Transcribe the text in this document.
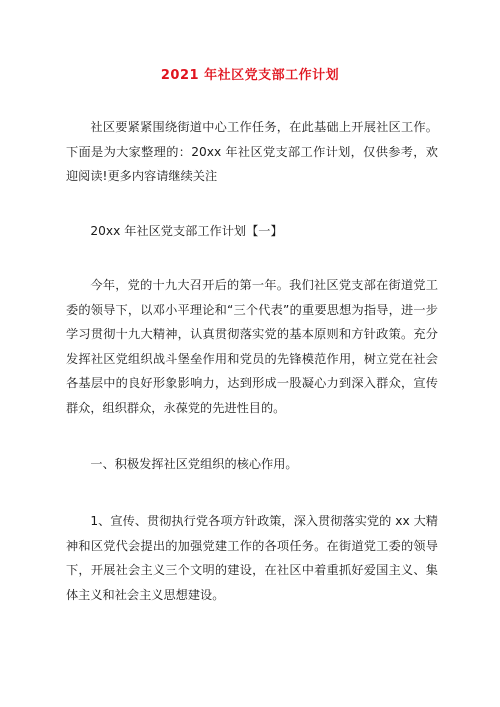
2021 年社区党支部工作计划

社区要紧紧围绕街道中心工作任务，在此基础上开展社区工作。下面是为大家整理的：20xx 年社区党支部工作计划，仅供参考，欢迎阅读!更多内容请继续关注

20xx 年社区党支部工作计划【一】

今年，党的十九大召开后的第一年。我们社区党支部在街道党工委的领导下，以邓小平理论和“三个代表”的重要思想为指导，进一步学习贯彻十九大精神，认真贯彻落实党的基本原则和方针政策。充分发挥社区党组织战斗堡垒作用和党员的先锋模范作用，树立党在社会各基层中的良好形象影响力，达到形成一股凝心力到深入群众，宣传群众，组织群众，永葆党的先进性目的。

一、积极发挥社区党组织的核心作用。

1、宣传、贯彻执行党各项方针政策，深入贯彻落实党的 xx 大精神和区党代会提出的加强党建工作的各项任务。在街道党工委的领导下，开展社会主义三个文明的建设，在社区中着重抓好爱国主义、集体主义和社会主义思想建设。
